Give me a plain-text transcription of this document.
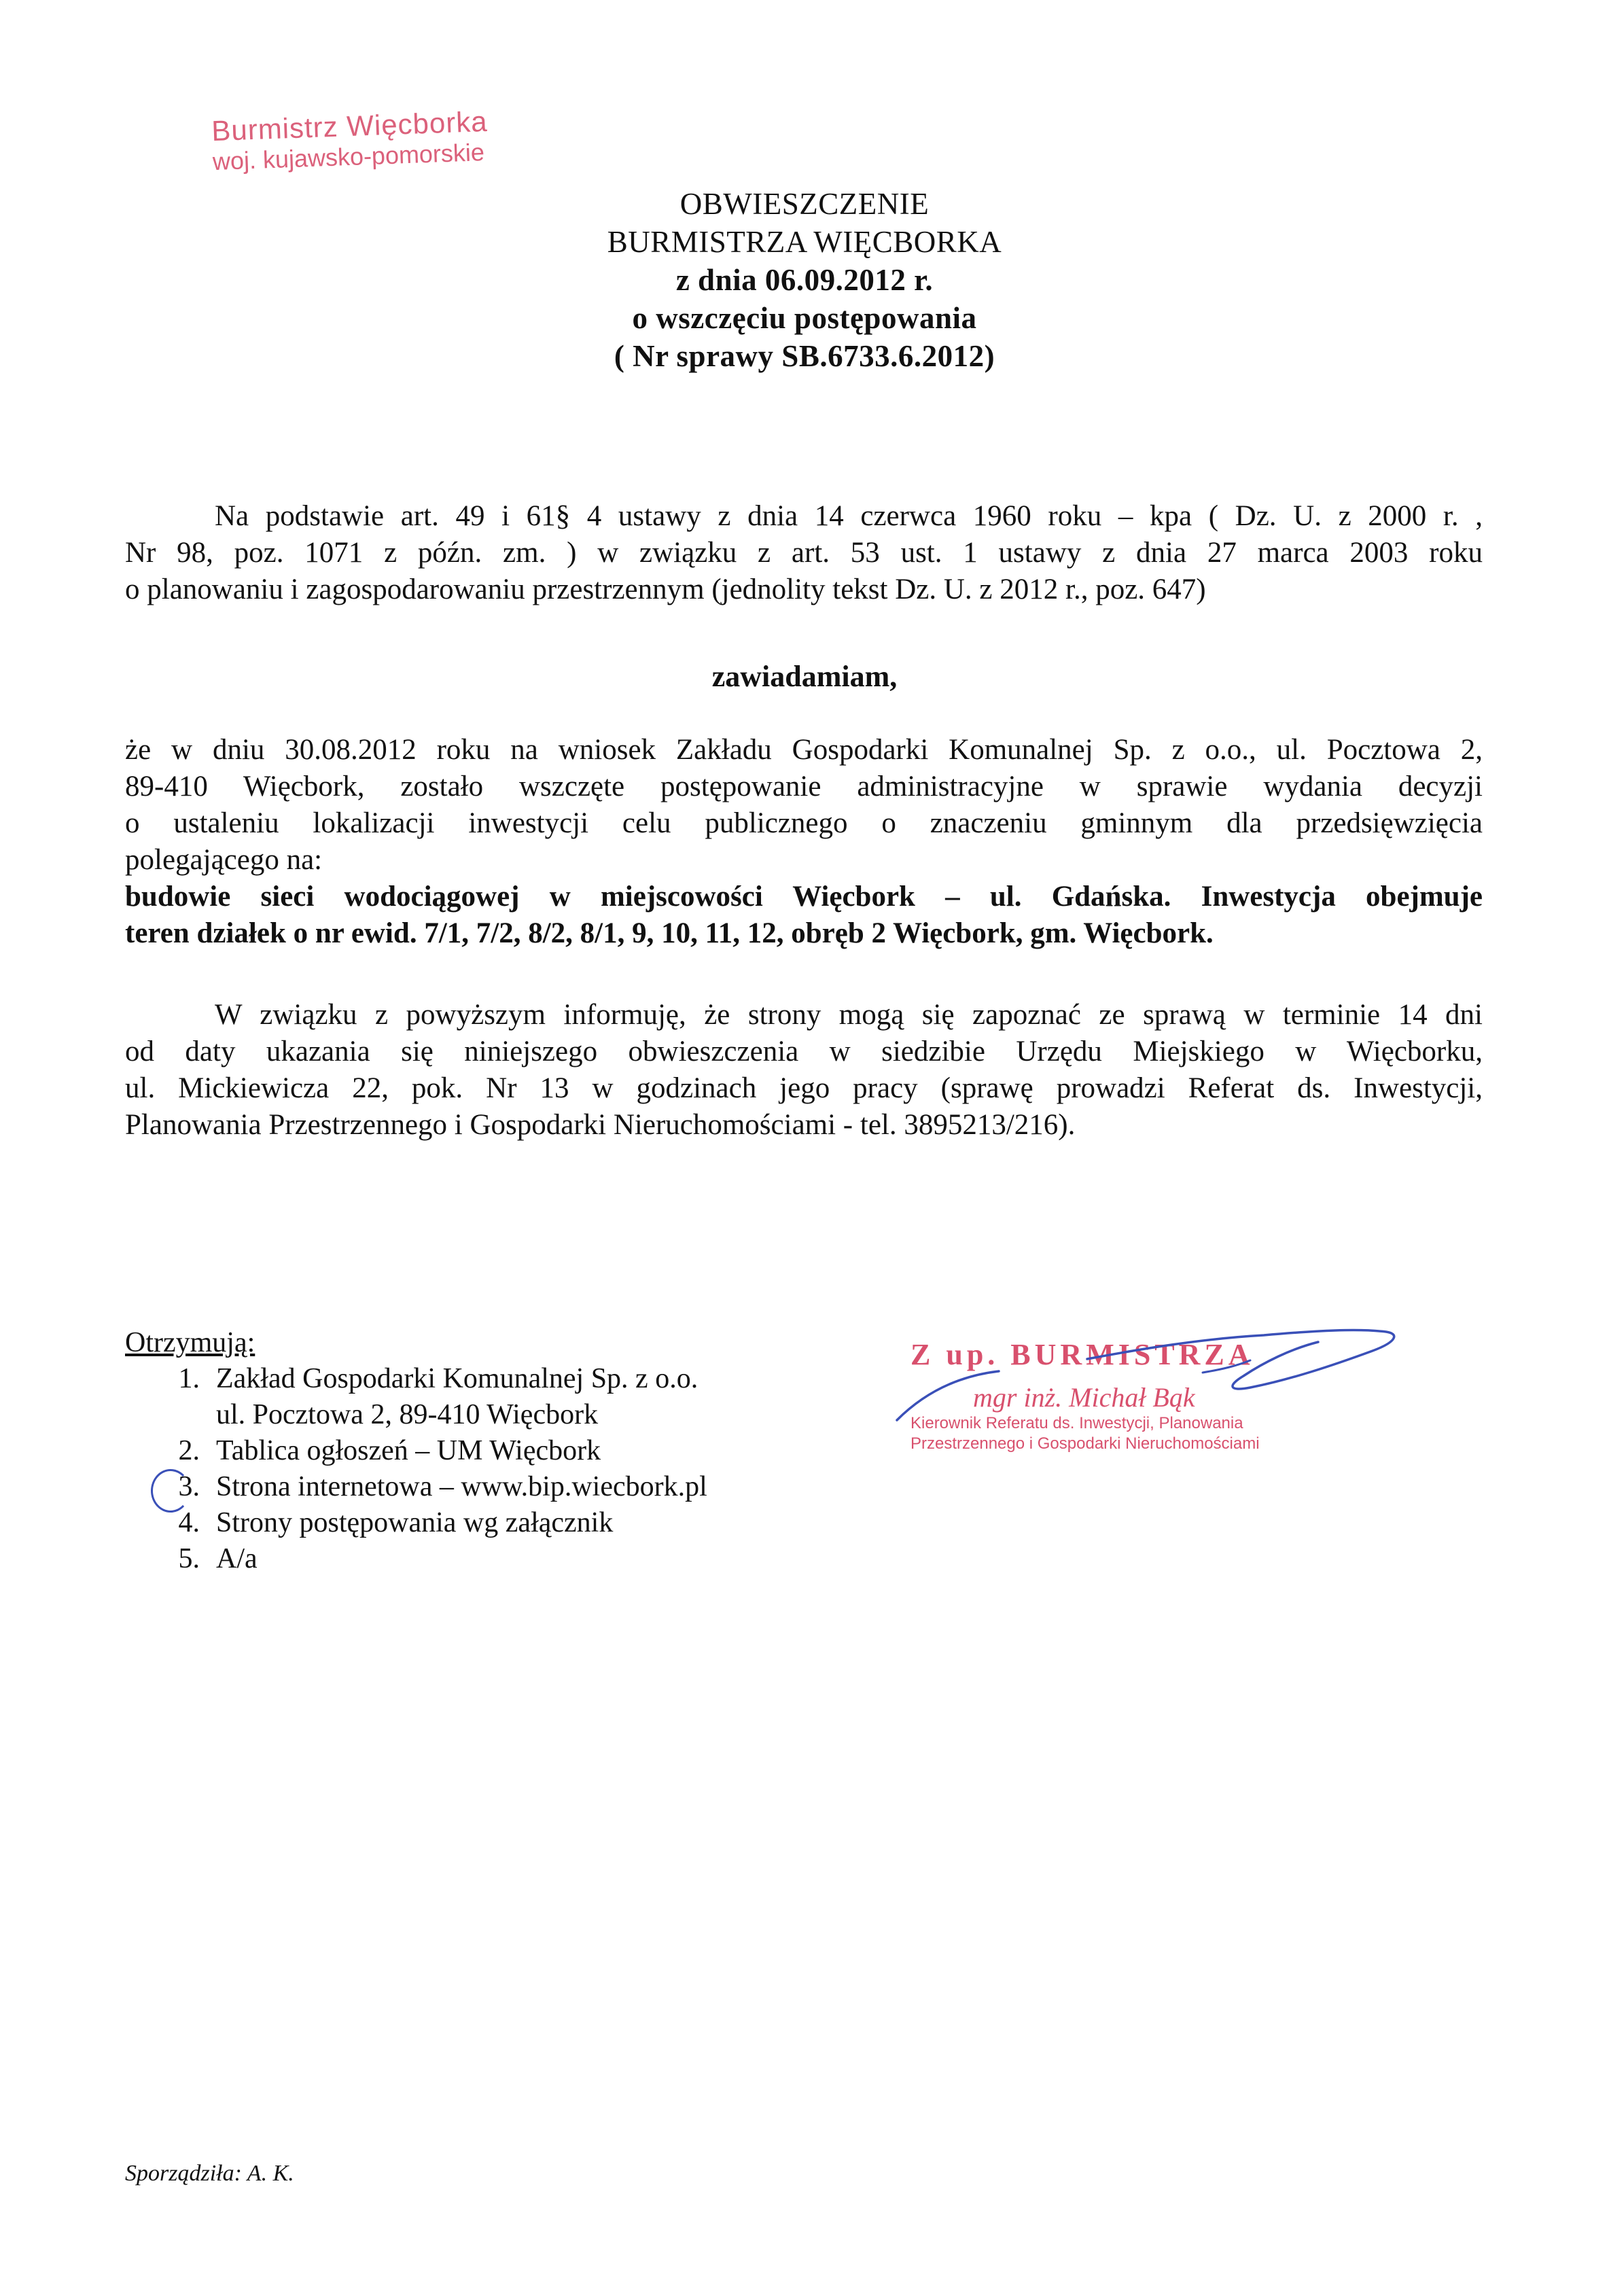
Burmistrz Więcborka
woj. kujawsko-pomorskie
OBWIESZCZENIE
BURMISTRZA WIĘCBORKA
z dnia 06.09.2012 r.
o wszczęciu postępowania
( Nr sprawy SB.6733.6.2012)
Na podstawie art. 49 i 61§ 4 ustawy z dnia 14 czerwca 1960 roku – kpa ( Dz. U. z 2000 r. ,
Nr 98, poz. 1071 z późn. zm. ) w związku z art. 53 ust. 1 ustawy z dnia 27 marca 2003 roku
o planowaniu i zagospodarowaniu przestrzennym (jednolity tekst Dz. U. z 2012 r., poz. 647)
zawiadamiam,
że w dniu 30.08.2012 roku na wniosek Zakładu Gospodarki Komunalnej Sp. z o.o., ul. Pocztowa 2,
89-410 Więcbork, zostało wszczęte postępowanie administracyjne w sprawie wydania decyzji
o ustaleniu lokalizacji inwestycji celu publicznego o znaczeniu gminnym dla przedsięwzięcia
polegającego na:
budowie sieci wodociągowej w miejscowości Więcbork – ul. Gdańska. Inwestycja obejmuje
teren działek o nr ewid. 7/1, 7/2, 8/2, 8/1, 9, 10, 11, 12, obręb 2 Więcbork, gm. Więcbork.
W związku z powyższym informuję, że strony mogą się zapoznać ze sprawą w terminie 14 dni
od daty ukazania się niniejszego obwieszczenia w siedzibie Urzędu Miejskiego w Więcborku,
ul. Mickiewicza 22, pok. Nr 13 w godzinach jego pracy (sprawę prowadzi Referat ds. Inwestycji,
Planowania Przestrzennego i Gospodarki Nieruchomościami - tel. 3895213/216).
Otrzymują:
1. Zakład Gospodarki Komunalnej Sp. z o.o.
ul. Pocztowa 2, 89-410 Więcbork
2. Tablica ogłoszeń – UM Więcbork
3. Strona internetowa – www.bip.wiecbork.pl
4. Strony postępowania wg załącznik
5. A/a
Z up. BURMISTRZA
mgr inż. Michał Bąk
Kierownik Referatu ds. Inwestycji, Planowania
Przestrzennego i Gospodarki Nieruchomościami
Sporządziła: A. K.
